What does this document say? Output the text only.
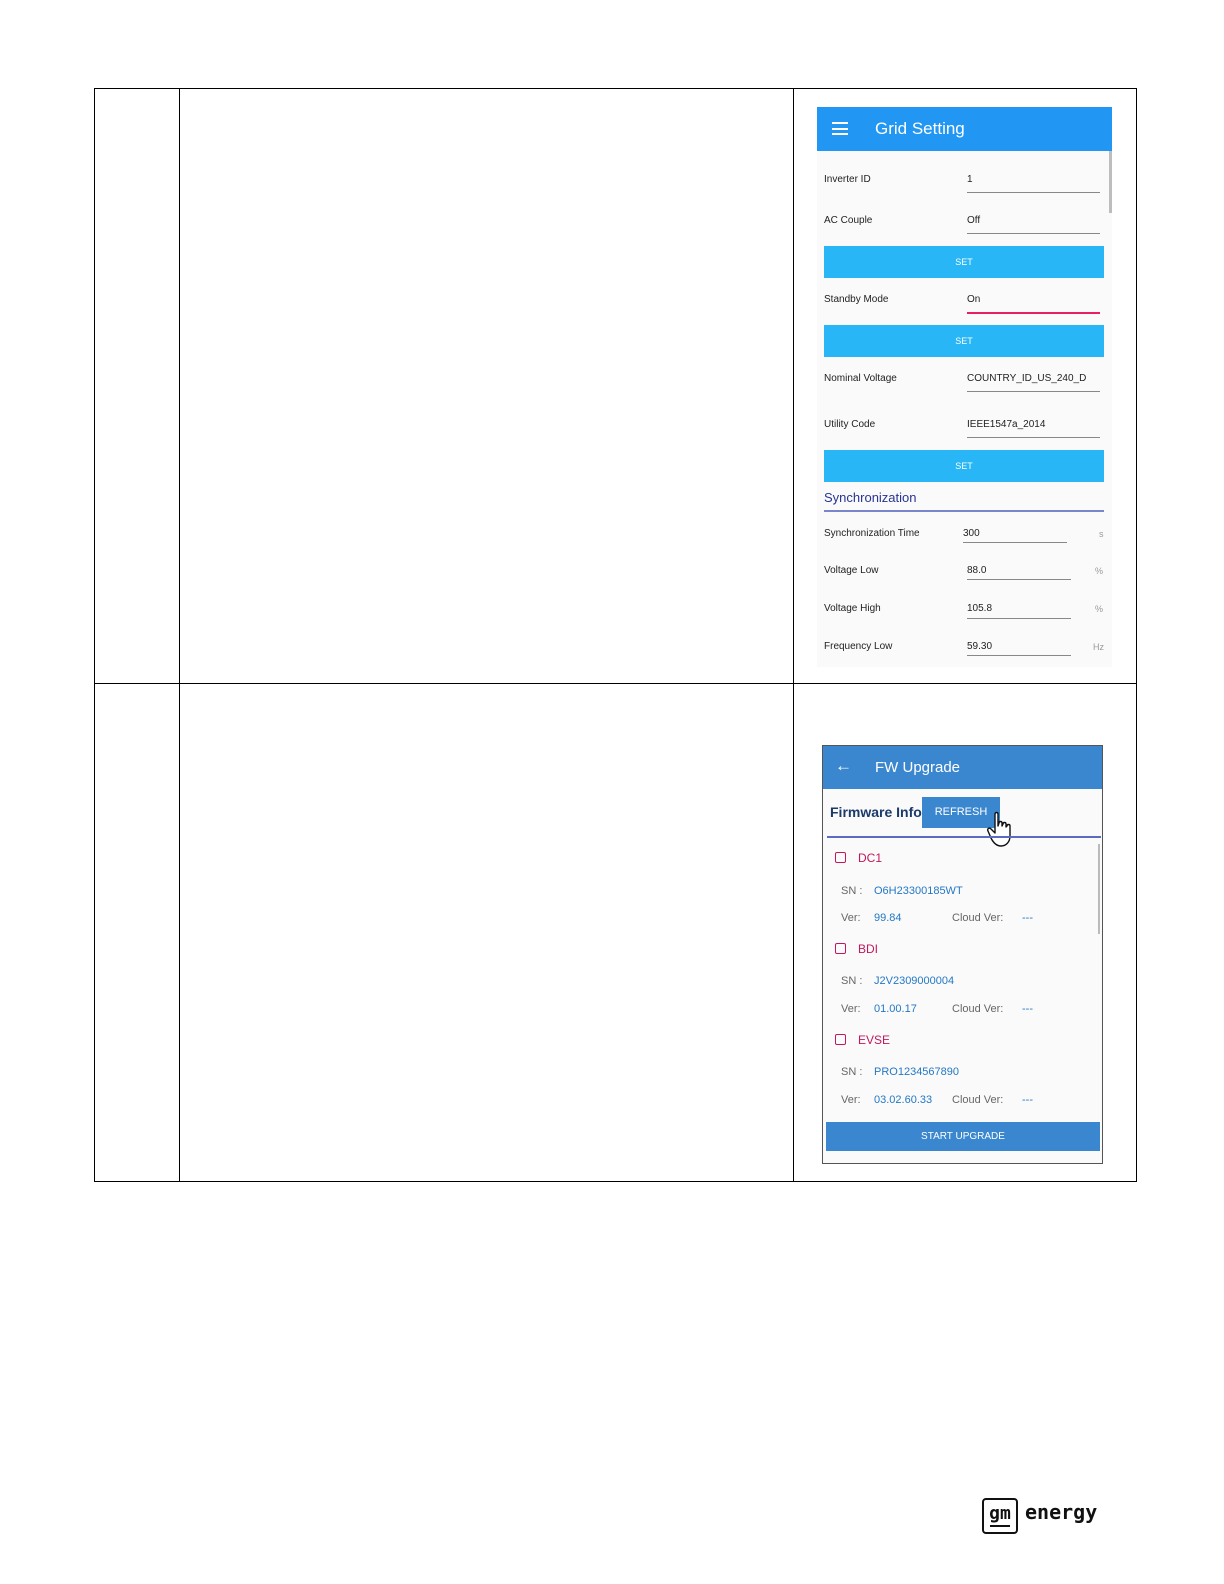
Grid Setting
Inverter ID	1
AC Couple	Off
SET
Standby Mode	On
SET
Nominal Voltage	COUNTRY_ID_US_240_D
Utility Code	IEEE1547a_2014
SET
Synchronization
Synchronization Time	300	s
Voltage Low	88.0	%
Voltage High	105.8	%
Frequency Low	59.30	Hz
← FW Upgrade
Firmware Info	REFRESH
DC1
SN : O6H23300185WT
Ver: 99.84	Cloud Ver: ---
BDI
SN : J2V2309000004
Ver: 01.00.17	Cloud Ver: ---
EVSE
SN : PRO1234567890
Ver: 03.02.60.33 Cloud Ver: ---
START UPGRADE
gm energy
